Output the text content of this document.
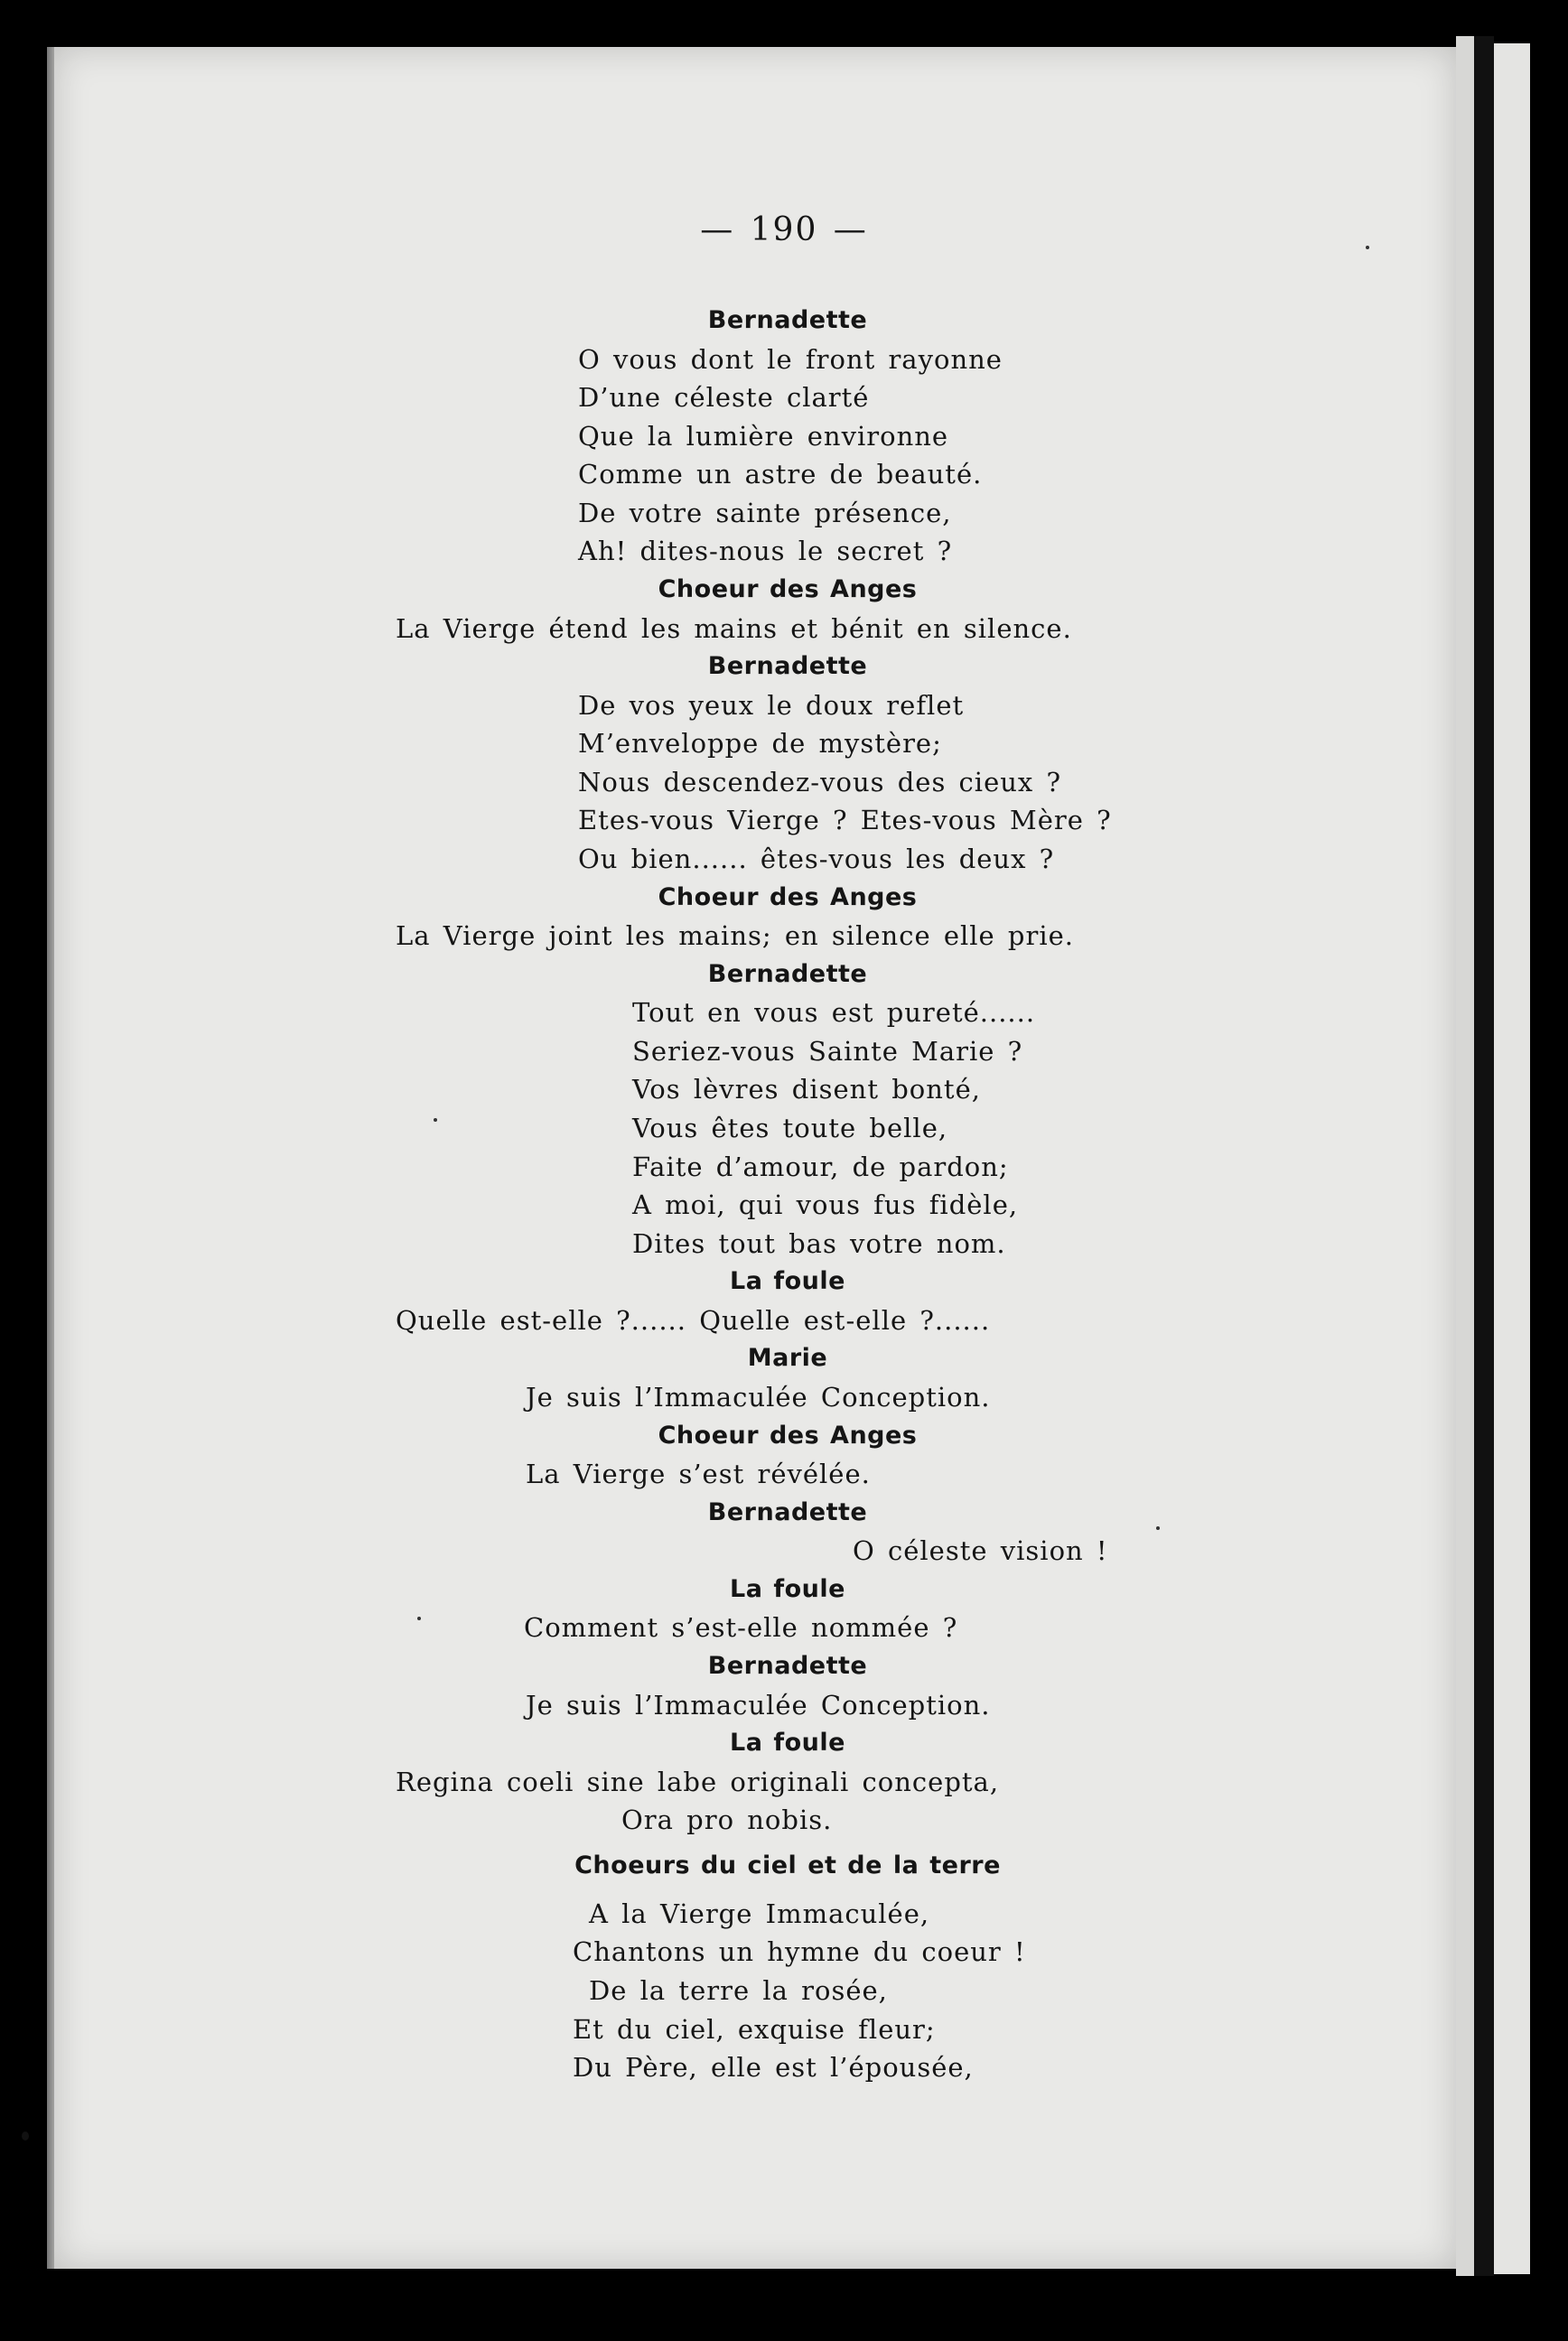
— 190 —
Bernadette
O vous dont le front rayonne
D’une céleste clarté
Que la lumière environne
Comme un astre de beauté.
De votre sainte présence,
Ah! dites-nous le secret ?
Choeur des Anges
La Vierge étend les mains et bénit en silence.
Bernadette
De vos yeux le doux reflet
M’enveloppe de mystère;
Nous descendez-vous des cieux ?
Etes-vous Vierge ? Etes-vous Mère ?
Ou bien...... êtes-vous les deux ?
Choeur des Anges
La Vierge joint les mains; en silence elle prie.
Bernadette
Tout en vous est pureté......
Seriez-vous Sainte Marie ?
Vos lèvres disent bonté,
Vous êtes toute belle,
Faite d’amour, de pardon;
A moi, qui vous fus fidèle,
Dites tout bas votre nom.
La foule
Quelle est-elle ?...... Quelle est-elle ?......
Marie
Je suis l’Immaculée Conception.
Choeur des Anges
La Vierge s’est révélée.
Bernadette
O céleste vision !
La foule
Comment s’est-elle nommée ?
Bernadette
Je suis l’Immaculée Conception.
La foule
Regina coeli sine labe originali concepta,
Ora pro nobis.
Choeurs du ciel et de la terre
A la Vierge Immaculée,
Chantons un hymne du coeur !
De la terre la rosée,
Et du ciel, exquise fleur;
Du Père, elle est l’épousée,
